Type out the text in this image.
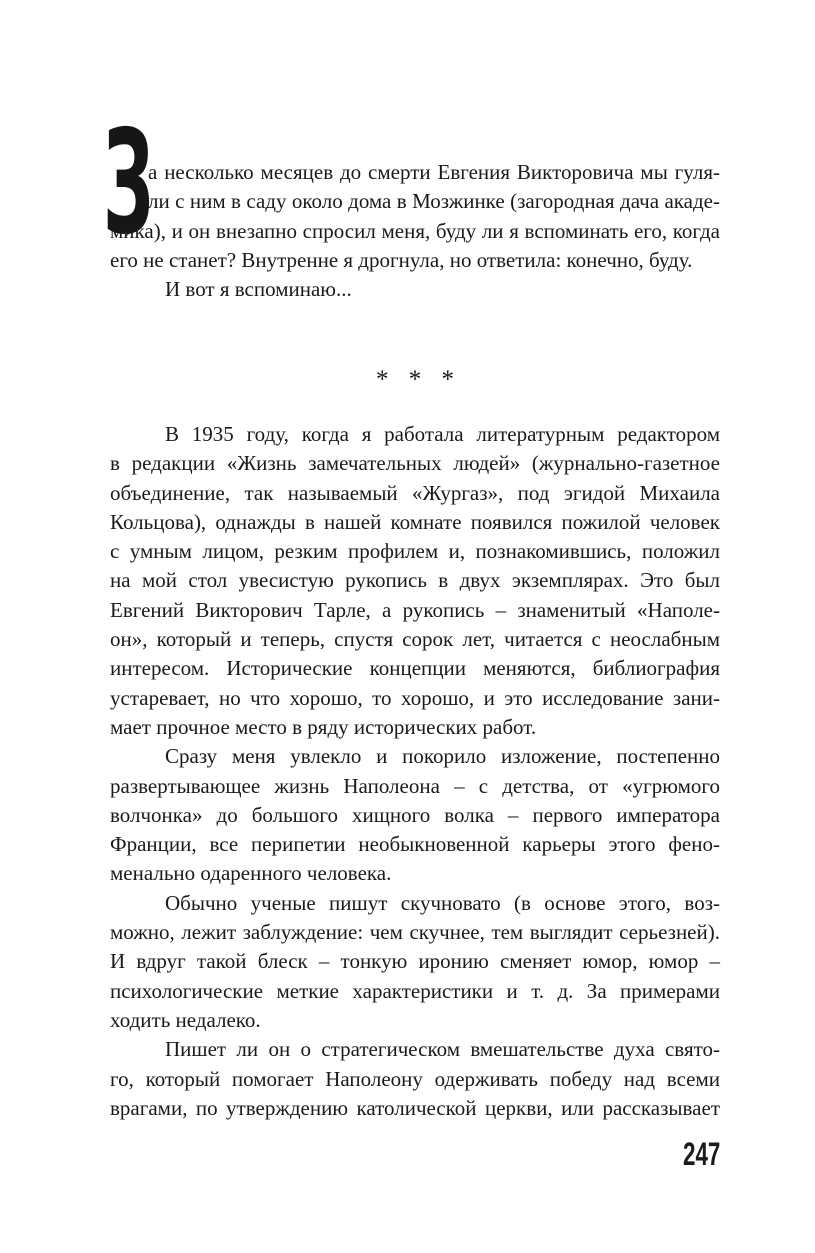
З
а несколько месяцев до смерти Евгения Викторовича мы гуля-
ли с ним в саду около дома в Мозжинке (загородная дача акаде-
мика), и он внезапно спросил меня, буду ли я вспоминать его, когда
его не станет? Внутренне я дрогнула, но ответила: конечно, буду.
И вот я вспоминаю...
* * *
В 1935 году, когда я работала литературным редактором
в редакции «Жизнь замечательных людей» (журнально-газетное
объединение, так называемый «Жургаз», под эгидой Михаила
Кольцова), однажды в нашей комнате появился пожилой человек
с умным лицом, резким профилем и, познакомившись, положил
на мой стол увесистую рукопись в двух экземплярах. Это был
Евгений Викторович Тарле, а рукопись – знаменитый «Наполе-
он», который и теперь, спустя сорок лет, читается с неослабным
интересом. Исторические концепции меняются, библиография
устаревает, но что хорошо, то хорошо, и это исследование зани-
мает прочное место в ряду исторических работ.
Сразу меня увлекло и покорило изложение, постепенно
развертывающее жизнь Наполеона – с детства, от «угрюмого
волчонка» до большого хищного волка – первого императора
Франции, все перипетии необыкновенной карьеры этого фено-
менально одаренного человека.
Обычно ученые пишут скучновато (в основе этого, воз-
можно, лежит заблуждение: чем скучнее, тем выглядит серьезней).
И вдруг такой блеск – тонкую иронию сменяет юмор, юмор –
психологические меткие характеристики и т. д. За примерами
ходить недалеко.
Пишет ли он о стратегическом вмешательстве духа свято-
го, который помогает Наполеону одерживать победу над всеми
врагами, по утверждению католической церкви, или рассказывает
247
